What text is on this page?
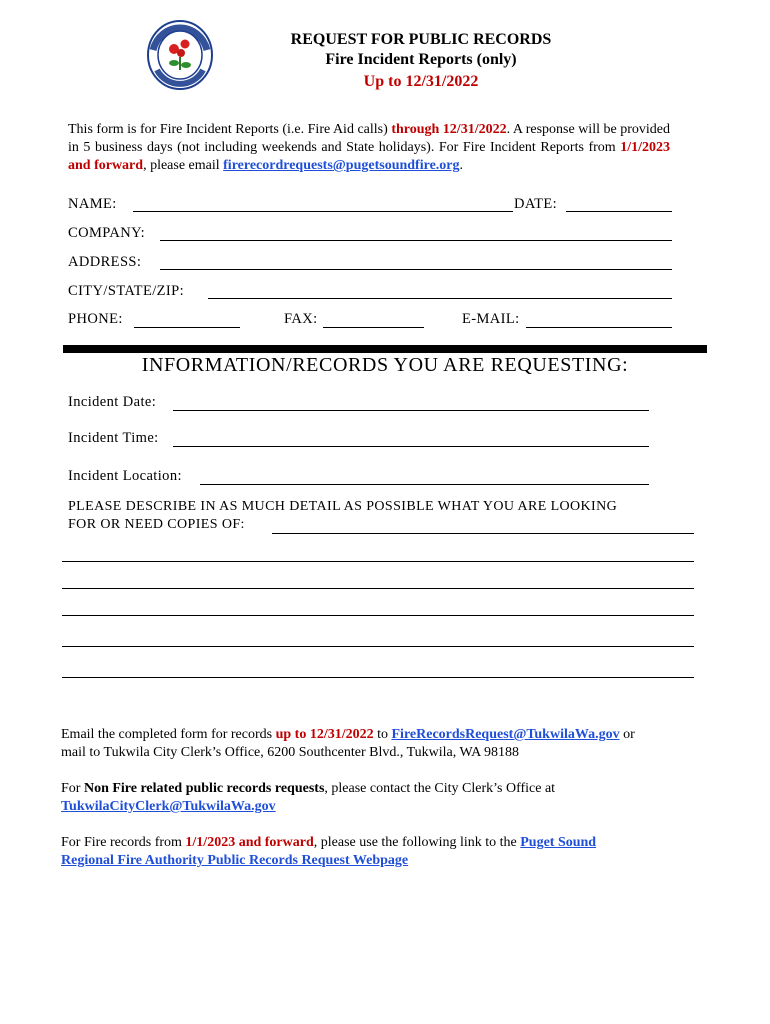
REQUEST FOR PUBLIC RECORDS
Fire Incident Reports (only)
Up to 12/31/2022
This form is for Fire Incident Reports (i.e. Fire Aid calls) through 12/31/2022. A response will be provided in 5 business days (not including weekends and State holidays). For Fire Incident Reports from 1/1/2023 and forward, please email firerecordrequests@pugetsoundfire.org.
NAME:	DATE:
COMPANY:
ADDRESS:
CITY/STATE/ZIP:
PHONE:	FAX:	E-MAIL:
INFORMATION/RECORDS YOU ARE REQUESTING:
Incident Date:
Incident Time:
Incident Location:
PLEASE DESCRIBE IN AS MUCH DETAIL AS POSSIBLE WHAT YOU ARE LOOKING
FOR OR NEED COPIES OF:
Email the completed form for records up to 12/31/2022 to FireRecordsRequest@TukwilaWa.gov or
mail to Tukwila City Clerk’s Office, 6200 Southcenter Blvd., Tukwila, WA 98188
For Non Fire related public records requests, please contact the City Clerk’s Office at
TukwilaCityClerk@TukwilaWa.gov
For Fire records from 1/1/2023 and forward, please use the following link to the Puget Sound
Regional Fire Authority Public Records Request Webpage
